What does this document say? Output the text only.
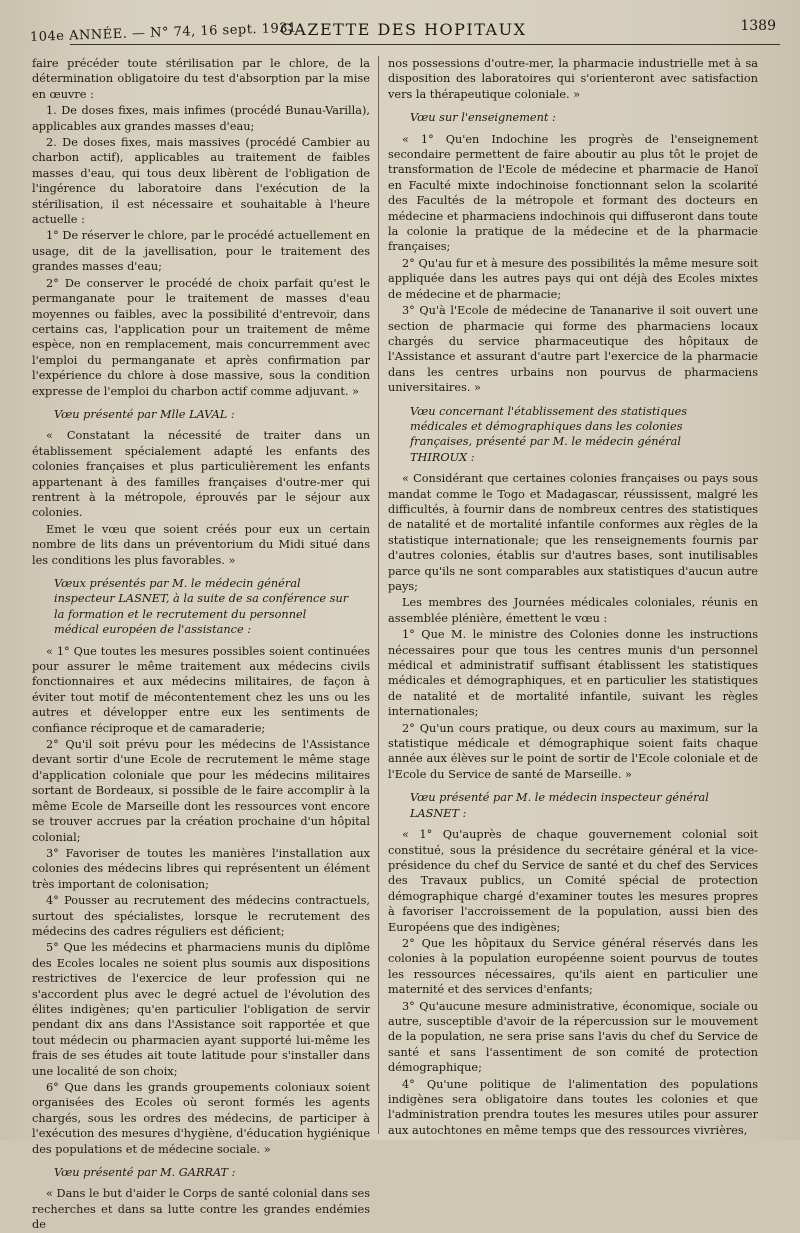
104e ANNÉE. — N° 74, 16 sept. 1931.
GAZETTE DES HOPITAUX	1389

faire précéder toute stérilisation par le chlore, de la détermination obligatoire du test d'absorption par la mise en œuvre :

1. De doses fixes, mais infimes (procédé Bunau-Varilla), applicables aux grandes masses d'eau;

2. De doses fixes, mais massives (procédé Cambier au charbon actif), applicables au traitement de faibles masses d'eau, qui tous deux libèrent de l'obligation de l'ingérence du laboratoire dans l'exécution de la stérilisation, il est nécessaire et souhaitable à l'heure actuelle :

1° De réserver le chlore, par le procédé actuellement en usage, dit de la javellisation, pour le traitement des grandes masses d'eau;

2° De conserver le procédé de choix parfait qu'est le permanganate pour le traitement de masses d'eau moyennes ou faibles, avec la possibilité d'entrevoir, dans certains cas, l'application pour un traitement de même espèce, non en remplacement, mais concurremment avec l'emploi du permanganate et après confirmation par l'expérience du chlore à dose massive, sous la condition expresse de l'emploi du charbon actif comme adjuvant. »

Vœu présenté par Mlle LAVAL :

« Constatant la nécessité de traiter dans un établissement spécialement adapté les enfants des colonies françaises et plus particulièrement les enfants appartenant à des familles françaises d'outre-mer qui rentrent à la métropole, éprouvés par le séjour aux colonies.

Emet le vœu que soient créés pour eux un certain nombre de lits dans un préventorium du Midi situé dans les conditions les plus favorables. »

Vœux présentés par M. le médecin général inspecteur LASNET, à la suite de sa conférence sur la formation et le recrutement du personnel médical européen de l'assistance :

« 1° Que toutes les mesures possibles soient continuées pour assurer le même traitement aux médecins civils fonctionnaires et aux médecins militaires, de façon à éviter tout motif de mécontentement chez les uns ou les autres et développer entre eux les sentiments de confiance réciproque et de camaraderie;

2° Qu'il soit prévu pour les médecins de l'Assistance devant sortir d'une Ecole de recrutement le même stage d'application coloniale que pour les médecins militaires sortant de Bordeaux, si possible de le faire accomplir à la même Ecole de Marseille dont les ressources vont encore se trouver accrues par la création prochaine d'un hôpital colonial;

3° Favoriser de toutes les manières l'installation aux colonies des médecins libres qui représentent un élément très important de colonisation;

4° Pousser au recrutement des médecins contractuels, surtout des spécialistes, lorsque le recrutement des médecins des cadres réguliers est déficient;

5° Que les médecins et pharmaciens munis du diplôme des Ecoles locales ne soient plus soumis aux dispositions restrictives de l'exercice de leur profession qui ne s'accordent plus avec le degré actuel de l'évolution des élites indigènes; qu'en particulier l'obligation de servir pendant dix ans dans l'Assistance soit rapportée et que tout médecin ou pharmacien ayant supporté lui-même les frais de ses études ait toute latitude pour s'installer dans une localité de son choix;

6° Que dans les grands groupements coloniaux soient organisées des Ecoles où seront formés les agents chargés, sous les ordres des médecins, de participer à l'exécution des mesures d'hygiène, d'éducation hygiénique des populations et de médecine sociale. »

Vœu présenté par M. GARRAT :

« Dans le but d'aider le Corps de santé colonial dans ses recherches et dans sa lutte contre les grandes endémies de

nos possessions d'outre-mer, la pharmacie industrielle met à sa disposition des laboratoires qui s'orienteront avec satisfaction vers la thérapeutique coloniale. »

Vœu sur l'enseignement :

« 1° Qu'en Indochine les progrès de l'enseignement secondaire permettent de faire aboutir au plus tôt le projet de transformation de l'Ecole de médecine et pharmacie de Hanoï en Faculté mixte indochinoise fonctionnant selon la scolarité des Facultés de la métropole et formant des docteurs en médecine et pharmaciens indochinois qui diffuseront dans toute la colonie la pratique de la médecine et de la pharmacie françaises;

2° Qu'au fur et à mesure des possibilités la même mesure soit appliquée dans les autres pays qui ont déjà des Ecoles mixtes de médecine et de pharmacie;

3° Qu'à l'Ecole de médecine de Tananarive il soit ouvert une section de pharmacie qui forme des pharmaciens locaux chargés du service pharmaceutique des hôpitaux de l'Assistance et assurant d'autre part l'exercice de la pharmacie dans les centres urbains non pourvus de pharmaciens universitaires. »

Vœu concernant l'établissement des statistiques médicales et démographiques dans les colonies françaises, présenté par M. le médecin général THIROUX :

« Considérant que certaines colonies françaises ou pays sous mandat comme le Togo et Madagascar, réussissent, malgré les difficultés, à fournir dans de nombreux centres des statistiques de natalité et de mortalité infantile conformes aux règles de la statistique internationale; que les renseignements fournis par d'autres colonies, établis sur d'autres bases, sont inutilisables parce qu'ils ne sont comparables aux statistiques d'aucun autre pays;

Les membres des Journées médicales coloniales, réunis en assemblée plénière, émettent le vœu :

1° Que M. le ministre des Colonies donne les instructions nécessaires pour que tous les centres munis d'un personnel médical et administratif suffisant établissent les statistiques médicales et démographiques, et en particulier les statistiques de natalité et de mortalité infantile, suivant les règles internationales;

2° Qu'un cours pratique, ou deux cours au maximum, sur la statistique médicale et démographique soient faits chaque année aux élèves sur le point de sortir de l'Ecole coloniale et de l'Ecole du Service de santé de Marseille. »

Vœu présenté par M. le médecin inspecteur général LASNET :

« 1° Qu'auprès de chaque gouvernement colonial soit constitué, sous la présidence du secrétaire général et la vice-présidence du chef du Service de santé et du chef des Services des Travaux publics, un Comité spécial de protection démographique chargé d'examiner toutes les mesures propres à favoriser l'accroissement de la population, aussi bien des Européens que des indigènes;

2° Que les hôpitaux du Service général réservés dans les colonies à la population européenne soient pourvus de toutes les ressources nécessaires, qu'ils aient en particulier une maternité et des services d'enfants;

3° Qu'aucune mesure administrative, économique, sociale ou autre, susceptible d'avoir de la répercussion sur le mouvement de la population, ne sera prise sans l'avis du chef du Service de santé et sans l'assentiment de son comité de protection démographique;

4° Qu'une politique de l'alimentation des populations indigènes sera obligatoire dans toutes les colonies et que l'administration prendra toutes les mesures utiles pour assurer aux autochtones en même temps que des ressources vivrières,
